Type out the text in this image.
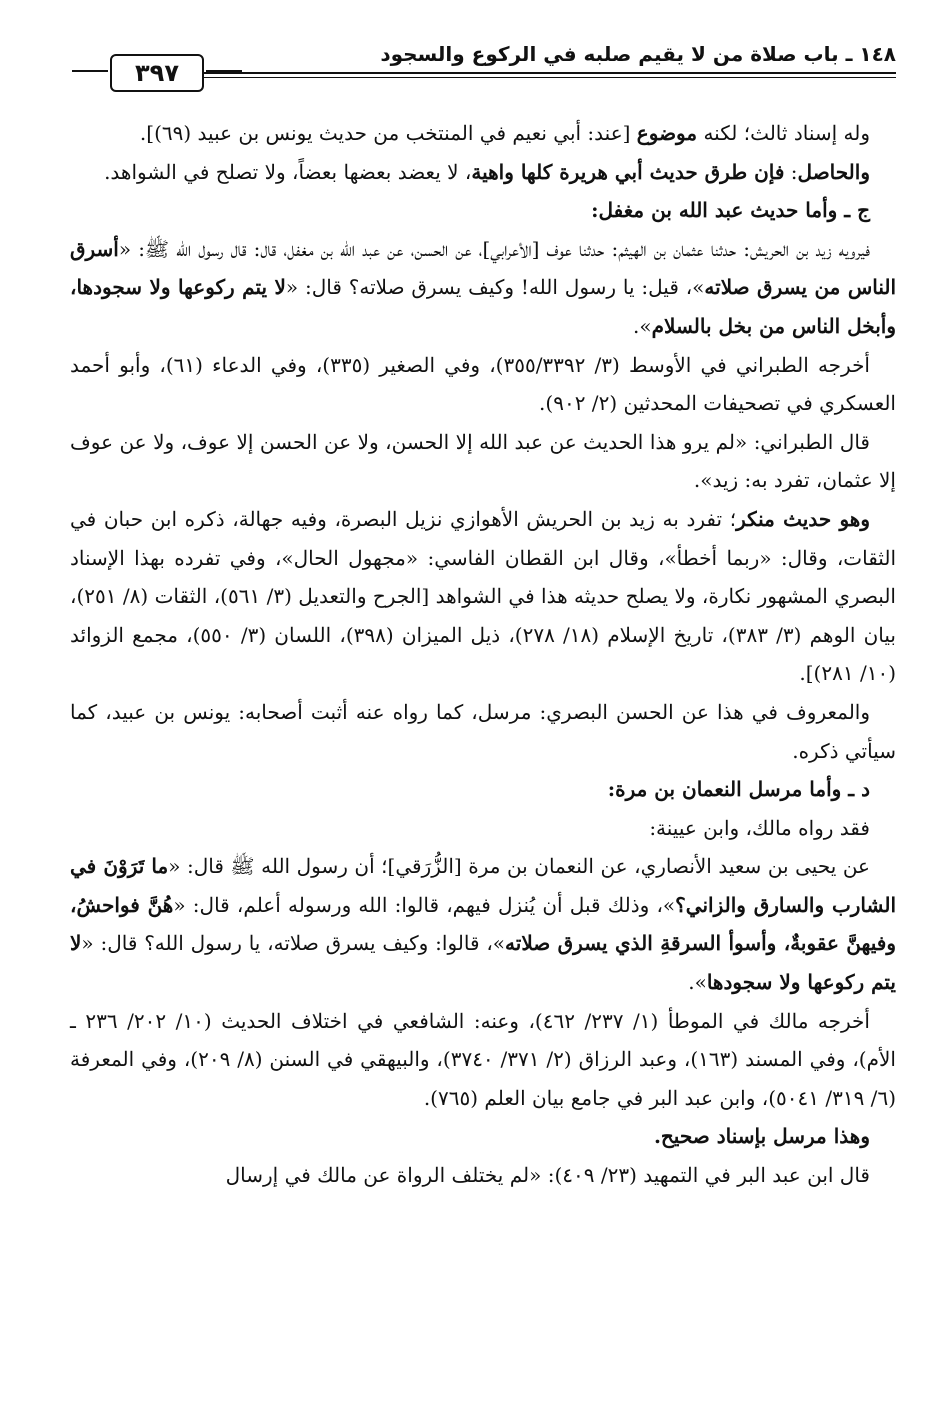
١٤٨ ـ باب صلاة من لا يقيم صلبه في الركوع والسجود
٣٩٧

وله إسناد ثالث؛ لكنه موضوع [عند: أبي نعيم في المنتخب من حديث يونس بن عبيد (٦٩)].

والحاصل: فإن طرق حديث أبي هريرة كلها واهية، لا يعضد بعضها بعضاً، ولا تصلح في الشواهد.

ج ـ وأما حديث عبد الله بن مغفل:

فيرويه زيد بن الحريش: حدثنا عثمان بن الهيثم: حدثنا عوف [الأعرابي]، عن الحسن، عن عبد الله بن مغفل، قال: قال رسول الله ﷺ: «أسرق الناس من يسرق صلاته»، قيل: يا رسول الله! وكيف يسرق صلاته؟ قال: «لا يتم ركوعها ولا سجودها، وأبخل الناس من بخل بالسلام».

أخرجه الطبراني في الأوسط (٣/ ٣٥٥/٣٣٩٢)، وفي الصغير (٣٣٥)، وفي الدعاء (٦١)، وأبو أحمد العسكري في تصحيفات المحدثين (٢/ ٩٠٢).

قال الطبراني: «لم يرو هذا الحديث عن عبد الله إلا الحسن، ولا عن الحسن إلا عوف، ولا عن عوف إلا عثمان، تفرد به: زيد».

وهو حديث منكر؛ تفرد به زيد بن الحريش الأهوازي نزيل البصرة، وفيه جهالة، ذكره ابن حبان في الثقات، وقال: «ربما أخطأ»، وقال ابن القطان الفاسي: «مجهول الحال»، وفي تفرده بهذا الإسناد البصري المشهور نكارة، ولا يصلح حديثه هذا في الشواهد [الجرح والتعديل (٣/ ٥٦١)، الثقات (٨/ ٢٥١)، بيان الوهم (٣/ ٣٨٣)، تاريخ الإسلام (١٨/ ٢٧٨)، ذيل الميزان (٣٩٨)، اللسان (٣/ ٥٥٠)، مجمع الزوائد (١٠/ ٢٨١)].

والمعروف في هذا عن الحسن البصري: مرسل، كما رواه عنه أثبت أصحابه: يونس بن عبيد، كما سيأتي ذكره.

د ـ وأما مرسل النعمان بن مرة:

فقد رواه مالك، وابن عيينة:

عن يحيى بن سعيد الأنصاري، عن النعمان بن مرة [الزُّرَقي]؛ أن رسول الله ﷺ قال: «ما تَرَوْنَ في الشارب والسارق والزاني؟»، وذلك قبل أن يُنزل فيهم، قالوا: الله ورسوله أعلم، قال: «هُنَّ فواحشُ، وفيهنَّ عقوبةٌ، وأسوأ السرقةِ الذي يسرق صلاته»، قالوا: وكيف يسرق صلاته، يا رسول الله؟ قال: «لا يتم ركوعها ولا سجودها».

أخرجه مالك في الموطأ (١/ ٢٣٧/ ٤٦٢)، وعنه: الشافعي في اختلاف الحديث (١٠/ ٢٠٢/ ٢٣٦ ـ الأم)، وفي المسند (١٦٣)، وعبد الرزاق (٢/ ٣٧١/ ٣٧٤٠)، والبيهقي في السنن (٨/ ٢٠٩)، وفي المعرفة (٦/ ٣١٩/ ٥٠٤١)، وابن عبد البر في جامع بيان العلم (٧٦٥).

وهذا مرسل بإسناد صحيح.

قال ابن عبد البر في التمهيد (٢٣/ ٤٠٩): «لم يختلف الرواة عن مالك في إرسال
